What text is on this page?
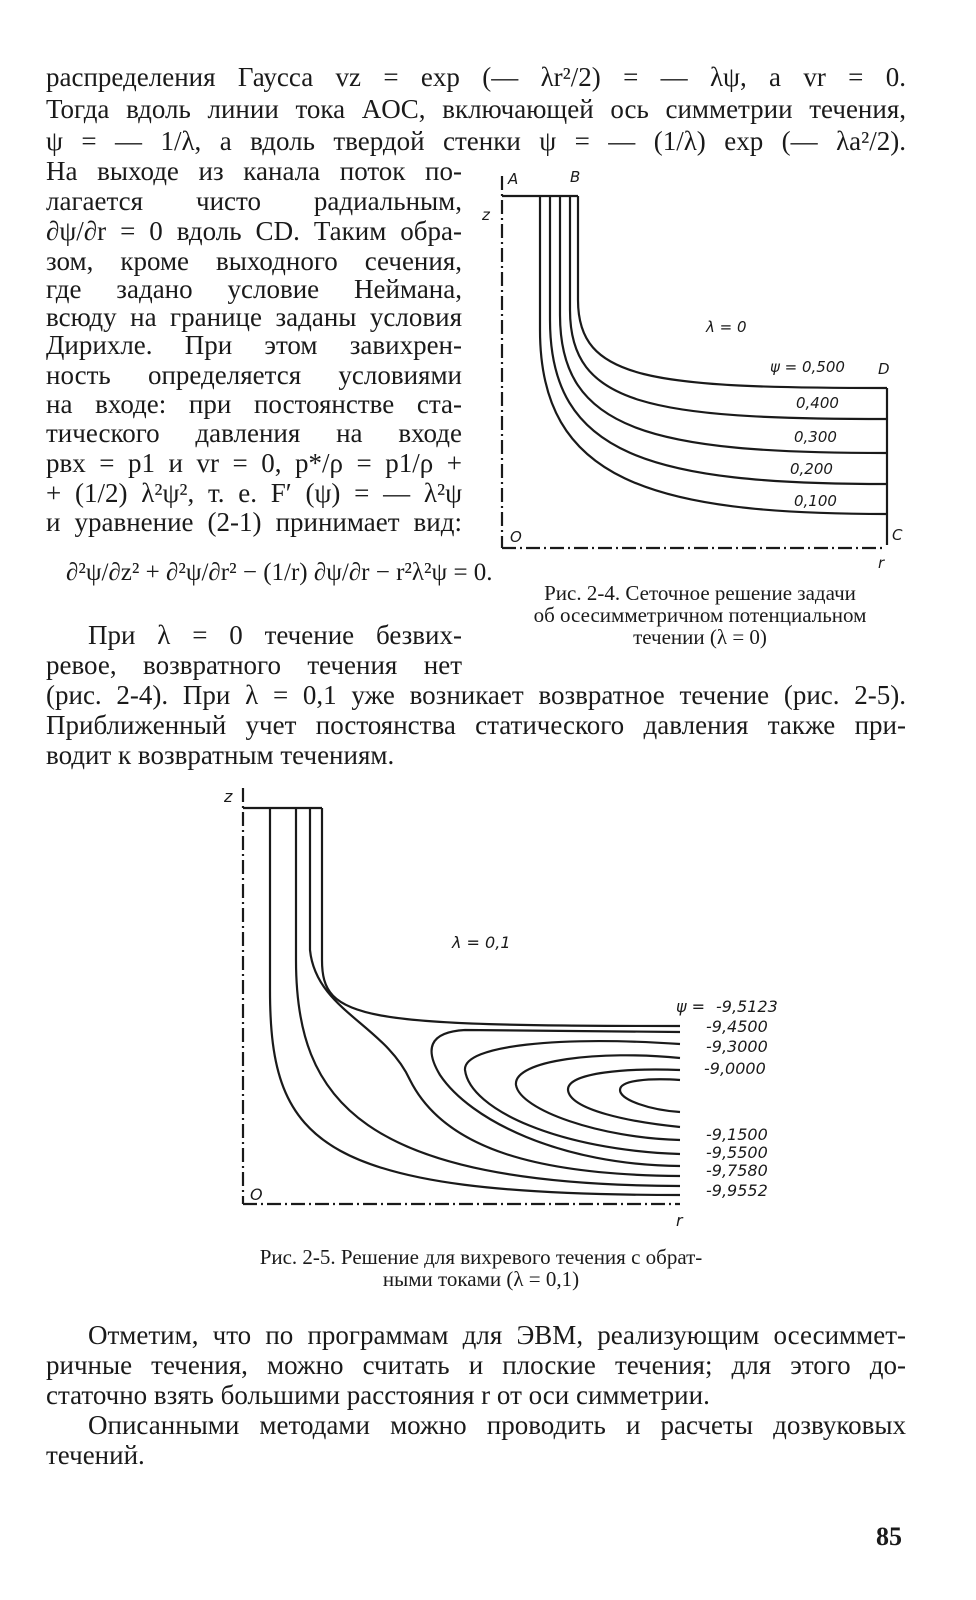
распределения Гаусса vz = exp (— λr²/2) = — λψ, а vr = 0.
Тогда вдоль линии тока AOC, включающей ось симметрии течения,
ψ = — 1/λ, а вдоль твердой стенки ψ = — (1/λ) exp (— λa²/2).
На выходе из канала поток по-
лагается чисто радиальным,
∂ψ/∂r = 0 вдоль CD. Таким обра-
зом, кроме выходного сечения,
где задано условие Неймана,
всюду на границе заданы условия
Дирихле. При этом завихрен-
ность определяется условиями
на входе: при постоянстве ста-
тического давления на входе
pвх = p1 и vr = 0, p*/ρ = p1/ρ +
+ (1/2) λ²ψ², т. е. F′ (ψ) = — λ²ψ
и уравнение (2-1) принимает вид:
∂²ψ/∂z² + ∂²ψ/∂r² − (1/r) ∂ψ/∂r − r²λ²ψ = 0.
При λ = 0 течение безвих-
ревое, возвратного течения нет
(рис. 2-4). При λ = 0,1 уже возникает возвратное течение (рис. 2-5).
Приближенный учет постоянства статического давления также при-
водит к возвратным течениям.
A	B
z
λ = 0
ψ = 0,500 D
0,400
0,300
0,200
0,100
O	C
r
Рис. 2-4. Сеточное решение задачи
об осесимметричном потенциальном
течении (λ = 0)
z
λ = 0,1
ψ = -9,5123
-9,4500
-9,3000
-9,0000
-9,1500
-9,5500
-9,7580
-9,9552
O
r
Рис. 2-5. Решение для вихревого течения с обрат-
ными токами (λ = 0,1)
Отметим, что по программам для ЭВМ, реализующим осесиммет-
ричные течения, можно считать и плоские течения; для этого до-
статочно взять большими расстояния r от оси симметрии.
Описанными методами можно проводить и расчеты дозвуковых
течений.
85
